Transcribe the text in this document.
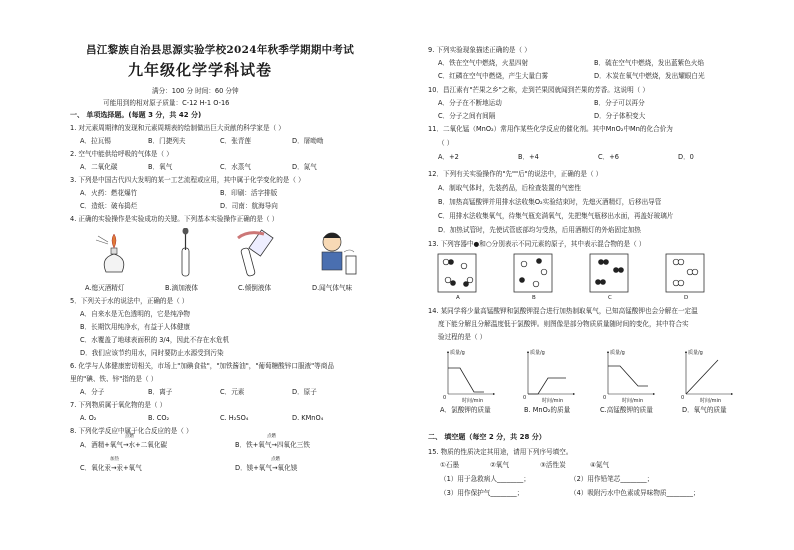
昌江黎族自治县思源实验学校2024年秋季学期期中考试
九年级化学学科试卷
满分：100 分 时间：60 分钟
可能用到的相对原子质量：C-12 H-1 O-16
一、 单项选择题。(每题 3 分，共 42 分)
1. 对元素周期律的发现和元素周期表的绘制做出巨大贡献的科学家是（ ）
A．拉瓦锡	B．门捷列夫	C．张青莲	D．屠呦呦
2. 空气中能供给呼吸的气体是（ ）
A．二氧化碳	B．氧气	C．水蒸气	D．氮气
3. 下列是中国古代四大发明的某一工艺流程或应用，其中属于化学变化的是（ ）
A．火药：燃花爆竹	B．印刷：活字排版
C．造纸：破布捣烂	D．司南：航海导向
4. 正确的实验操作是实验成功的关键。下列基本实验操作正确的是（ ）
A.熄灭酒精灯	B.滴加液体	C.倾倒液体	D.闻气体气味
5．下列关于水的说法中，正确的是（ ）
A．自来水是无色透明的，它是纯净物
B．长期饮用纯净水，有益于人体健康
C．水覆盖了地球表面积的 3/4，因此不存在水危机
D．我们应该节约用水，同时要防止水源受到污染
6. 化学与人体健康密切相关，市场上"加碘食盐"，"加铁酱油"，"葡萄糖酸锌口服液"等商品
里的"碘、铁、锌"指的是（ ）
A．分子	B．离子	C．元素	D．原子
7. 下列物质属于氧化物的是（ ）
A. O₂	B. CO₂	C. H₂SO₄	D. KMnO₄
8. 下列化学反应中属于化合反应的是（ ）
点燃
A．酒精+氧气→水+二氧化碳
点燃
B．铁+氧气→四氧化三铁
加热
C．氧化汞→汞+氧气
点燃
D．镁+氧气→氧化镁
9. 下列实验现象描述正确的是（ ）
A．铁在空气中燃烧，火星四射	B．硫在空气中燃烧，发出蓝紫色火焰
C．红磷在空气中燃烧，产生大量白雾	D．木炭在氧气中燃烧，发出耀眼白光
10．昌江素有"芒果之乡"之称，走到芒果园就闻到芒果的芳香。这说明（ ）
A．分子在不断地运动	B．分子可以再分
C．分子之间有间隔	D．分子体积变大
11．二氧化锰（MnO₂）常用作某些化学反应的催化剂。其中MnO₂中Mn的化合价为
（ ）
A．+2	B．+4	C．+6	D．0
12．下列有关实验操作的"先""后"的说法中，正确的是（ ）
A．制取气体时，先装药品，后检查装置的气密性
B．加热高锰酸钾并用排水法收集O₂实验结束时，先熄灭酒精灯，后移出导管
C．用排水法收集氧气，待集气瓶充满氧气，先把集气瓶移出水面，再盖好玻璃片
D．加热试管时，先使试管底部均匀受热，后用酒精灯的外焰固定加热
13. 下列容器中●和○分别表示不同元素的原子，其中表示混合物的是（ ）
A	B	C	D
14. 某同学将少量高锰酸钾和氯酸钾混合进行加热制取氧气，已知高锰酸钾也会分解在一定温
度下能分解且分解温度低于氯酸钾。则图像是部分物质质量随时间的变化，其中符合实
验过程的是（ ）
质量/g
时间/min
0
质量/g
时间/min
0
质量/g
时间/min
0
质量/g
时间/min
0
A．氯酸钾的质量	B. MnO₂的质量	C.高锰酸钾的质量	D．氧气的质量
二、 填空题（每空 2 分，共 28 分）
15. 物质的性质决定其用途，请用下列序号填空。
①石墨	②氧气	③活性炭	④氮气
（1）用于急救病人________；	（2）用作铅笔芯________；
（3）用作保护气________；	（4）吸附污水中色素或异味物质________；
